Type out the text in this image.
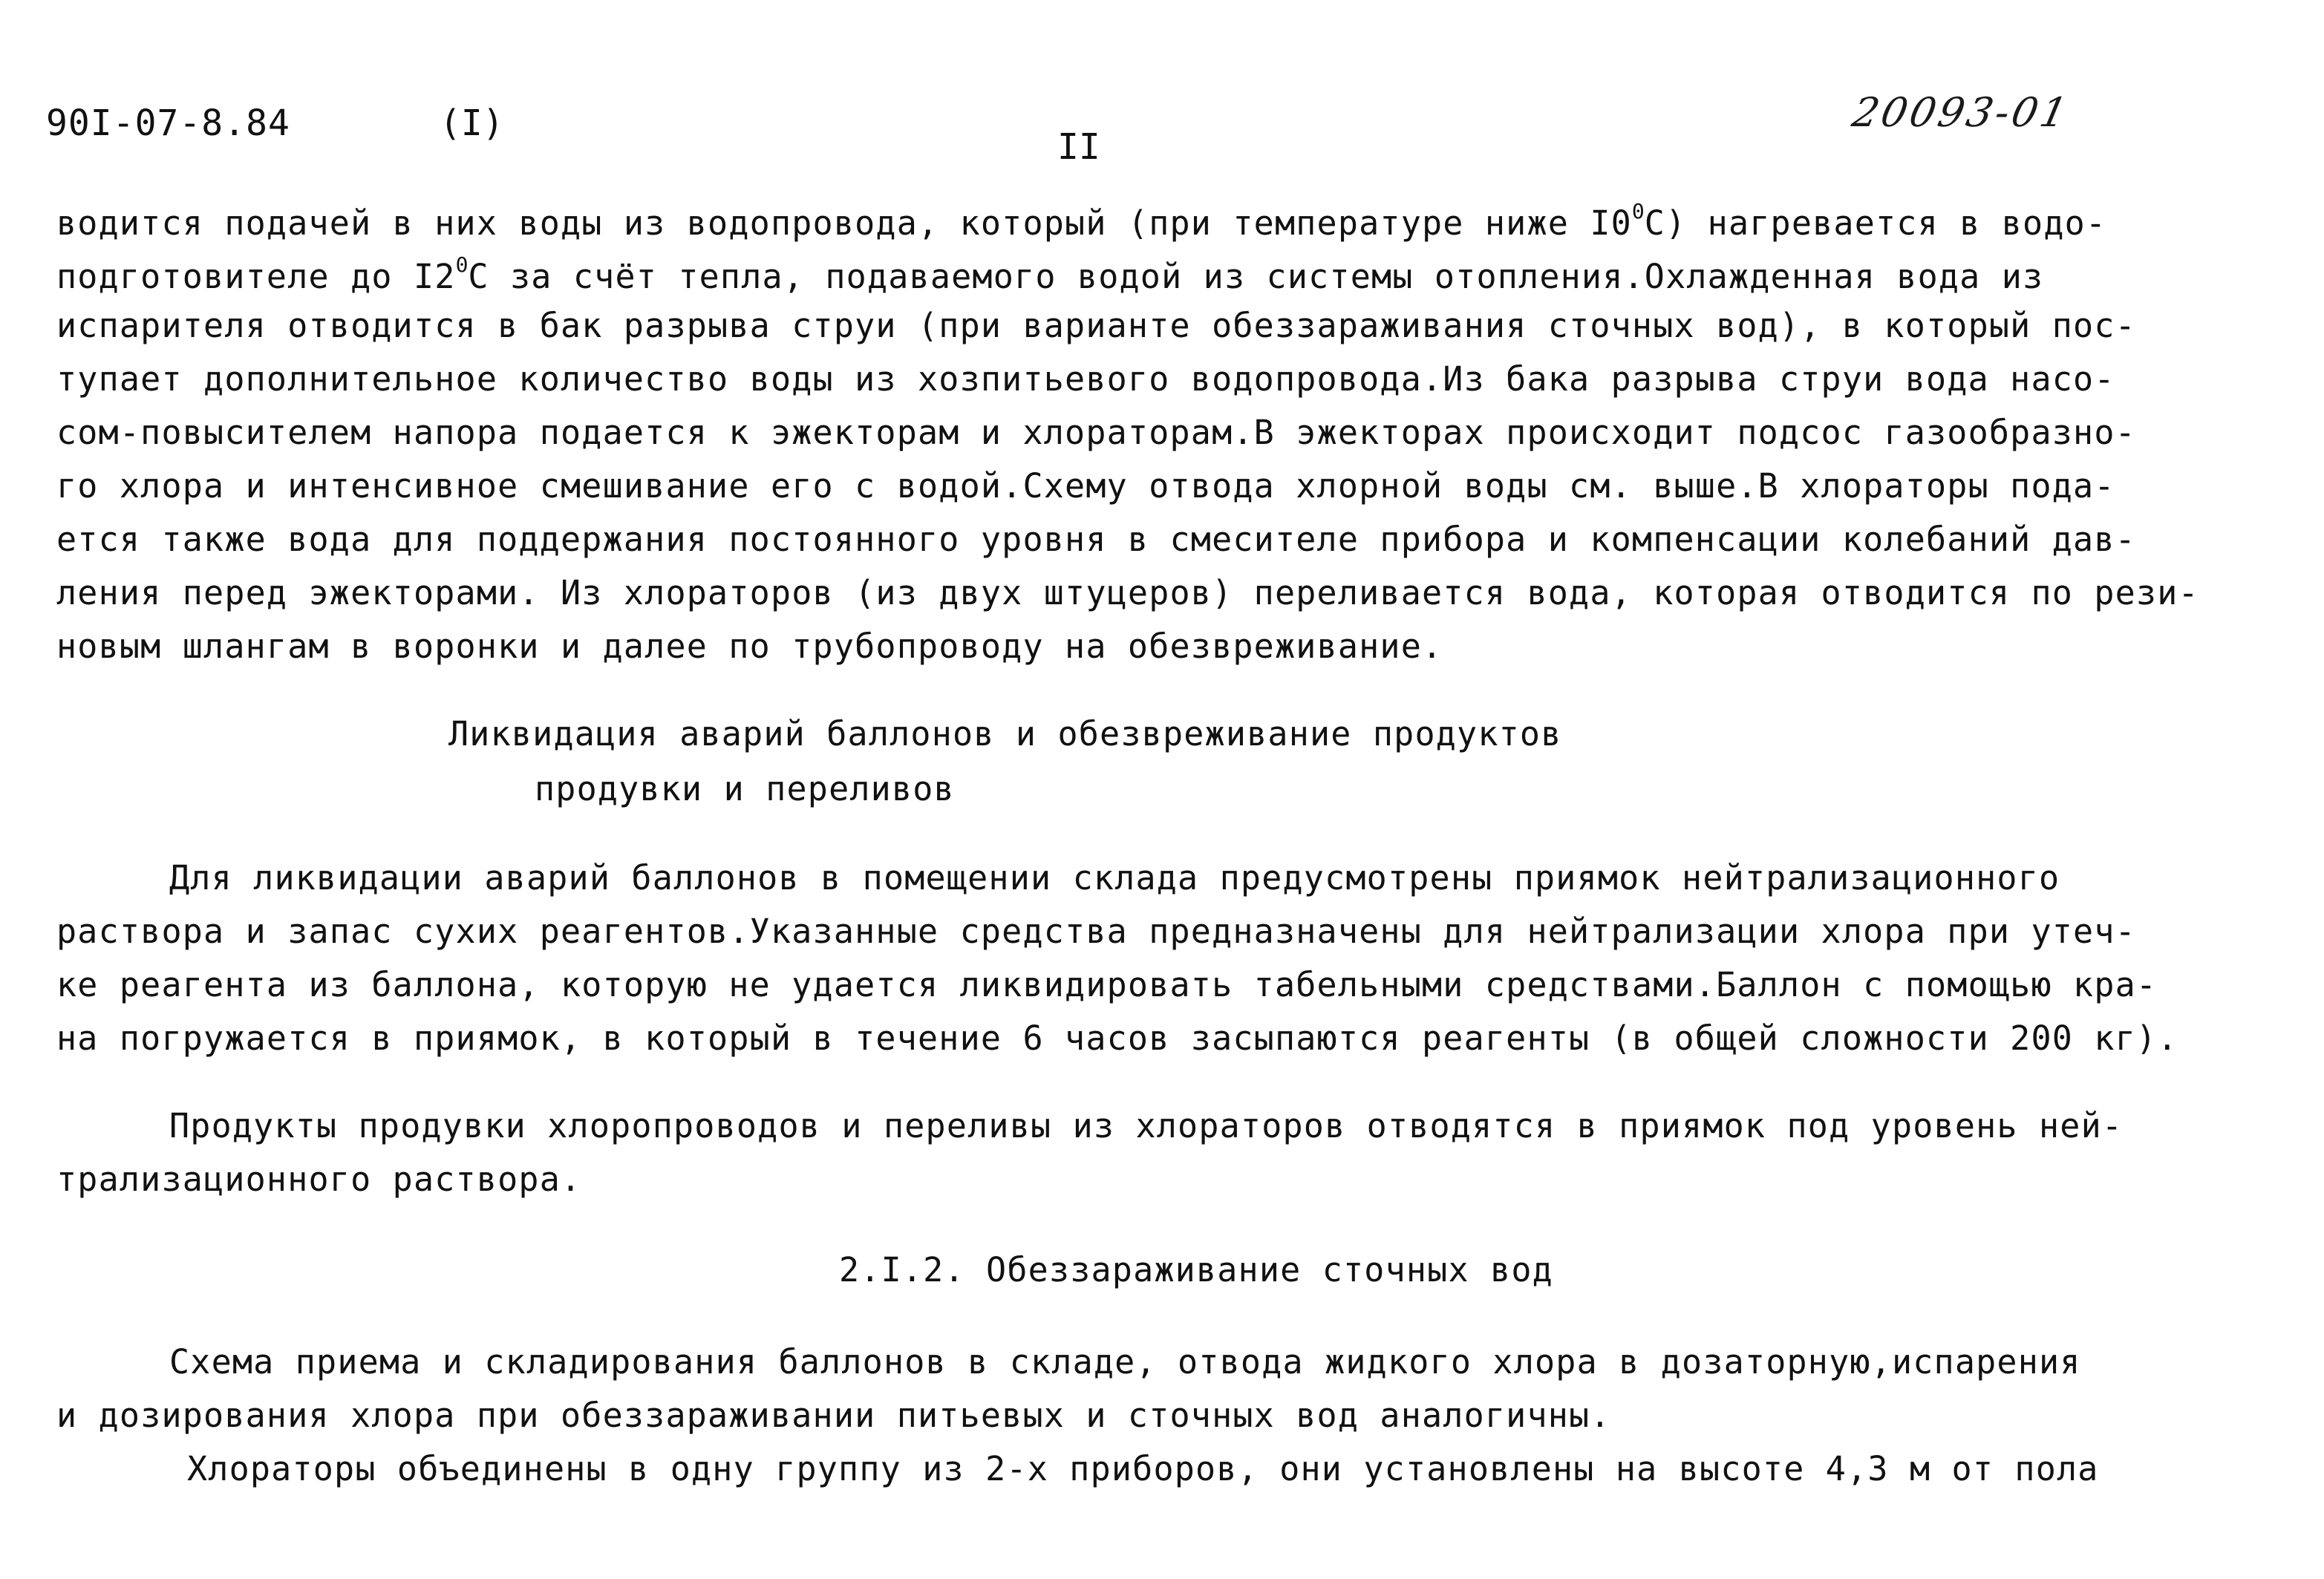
90I-07-8.84	(I)
II
20093-01
водится подачей в них воды из водопровода, который (при температуре ниже $I0^0С$) нагревается в водо-
подготовителе до $I2^0С$ за счёт тепла, подаваемого водой из системы отопления.Охлажденная вода из
испарителя отводится в бак разрыва струи (при варианте обеззараживания сточных вод), в который пос-
тупает дополнительное количество воды из хозпитьевого водопровода.Из бака разрыва струи вода насо-
сом-повысителем напора подается к эжекторам и хлораторам.В эжекторах происходит подсос газообразно-
го хлора и интенсивное смешивание его с водой.Схему отвода хлорной воды см. выше.В хлораторы пода-
ется также вода для поддержания постоянного уровня в смесителе прибора и компенсации колебаний дав-
ления перед эжекторами. Из хлораторов (из двух штуцеров) переливается вода, которая отводится по рези-
новым шлангам в воронки и далее по трубопроводу на обезвреживание.
Ликвидация аварий баллонов и обезвреживание продуктов
продувки и переливов
Для ликвидации аварий баллонов в помещении склада предусмотрены приямок нейтрализационного
раствора и запас сухих реагентов.Указанные средства предназначены для нейтрализации хлора при утеч-
ке реагента из баллона, которую не удается ликвидировать табельными средствами.Баллон с помощью кра-
на погружается в приямок, в который в течение 6 часов засыпаются реагенты (в общей сложности 200 кг).
Продукты продувки хлоропроводов и переливы из хлораторов отводятся в приямок под уровень ней-
трализационного раствора.
2.I.2. Обеззараживание сточных вод
Схема приема и складирования баллонов в складе, отвода жидкого хлора в дозаторную,испарения
и дозирования хлора при обеззараживании питьевых и сточных вод аналогичны.
Хлораторы объединены в одну группу из 2-х приборов, они установлены на высоте 4,3 м от пола
